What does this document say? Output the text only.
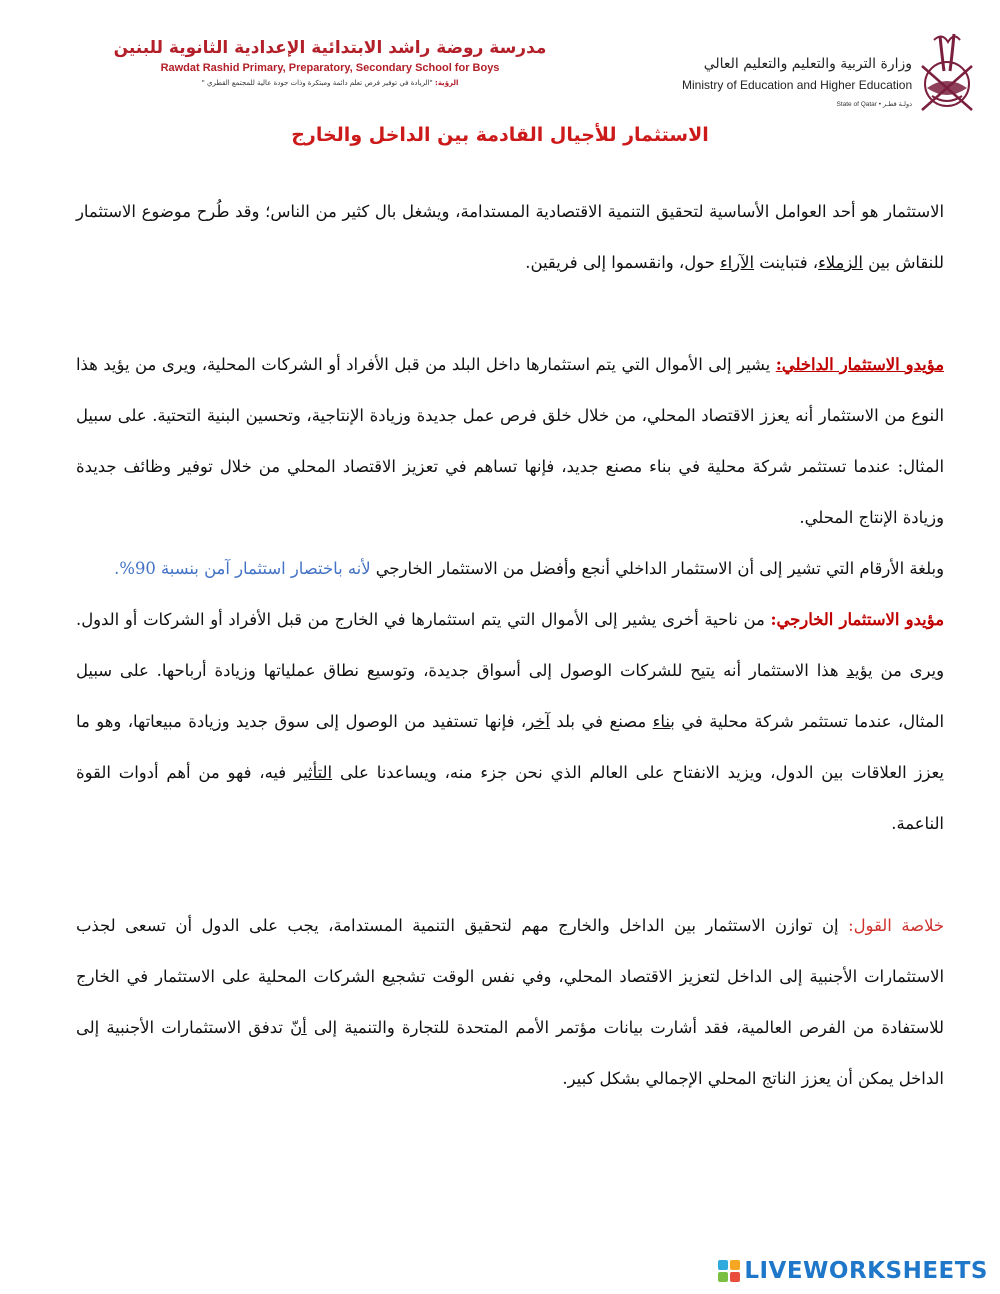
مدرسة روضة راشد الابتدائية الإعدادية الثانوية للبنين
Rawdat Rashid Primary, Preparatory, Secondary School for Boys
الرؤية: "الريادة في توفير فرص تعلم دائمة ومبتكرة وذات جودة عالية للمجتمع القطري "
وزارة التربية والتعليم والتعليم العالي
Ministry of Education and Higher Education
State of Qatar • دولـة قطـر
الاستثمار للأجيال القادمة بين الداخل والخارج

الاستثمار هو أحد العوامل الأساسية لتحقيق التنمية الاقتصادية المستدامة، ويشغل بال كثير من الناس؛ وقد طُرح موضوع الاستثمار للنقاش بين الزملاء، فتباينت الآراء حول، وانقسموا إلى فريقين.

مؤيدو الاستثمار الداخلي: يشير إلى الأموال التي يتم استثمارها داخل البلد من قبل الأفراد أو الشركات المحلية، ويرى من يؤيد هذا النوع من الاستثمار أنه يعزز الاقتصاد المحلي، من خلال خلق فرص عمل جديدة وزيادة الإنتاجية، وتحسين البنية التحتية. على سبيل المثال: عندما تستثمر شركة محلية في بناء مصنع جديد، فإنها تساهم في تعزيز الاقتصاد المحلي من خلال توفير وظائف جديدة وزيادة الإنتاج المحلي.

وبلغة الأرقام التي تشير إلى أن الاستثمار الداخلي أنجع وأفضل من الاستثمار الخارجي لأنه باختصار استثمار آمن بنسبة 90%.

مؤيدو الاستثمار الخارجي: من ناحية أخرى يشير إلى الأموال التي يتم استثمارها في الخارج من قبل الأفراد أو الشركات أو الدول. ويرى من يؤيد هذا الاستثمار أنه يتيح للشركات الوصول إلى أسواق جديدة، وتوسيع نطاق عملياتها وزيادة أرباحها. على سبيل المثال، عندما تستثمر شركة محلية في بناء مصنع في بلد آخر، فإنها تستفيد من الوصول إلى سوق جديد وزيادة مبيعاتها، وهو ما يعزز العلاقات بين الدول، ويزيد الانفتاح على العالم الذي نحن جزء منه، ويساعدنا على التأثير فيه، فهو من أهم أدوات القوة الناعمة.

خلاصة القول: إن توازن الاستثمار بين الداخل والخارج مهم لتحقيق التنمية المستدامة، يجب على الدول أن تسعى لجذب الاستثمارات الأجنبية إلى الداخل لتعزيز الاقتصاد المحلي، وفي نفس الوقت تشجيع الشركات المحلية على الاستثمار في الخارج للاستفادة من الفرص العالمية، فقد أشارت بيانات مؤتمر الأمم المتحدة للتجارة والتنمية إلى أنّ تدفق الاستثمارات الأجنبية إلى الداخل يمكن أن يعزز الناتج المحلي الإجمالي بشكل كبير.

LIVEWORKSHEETS
